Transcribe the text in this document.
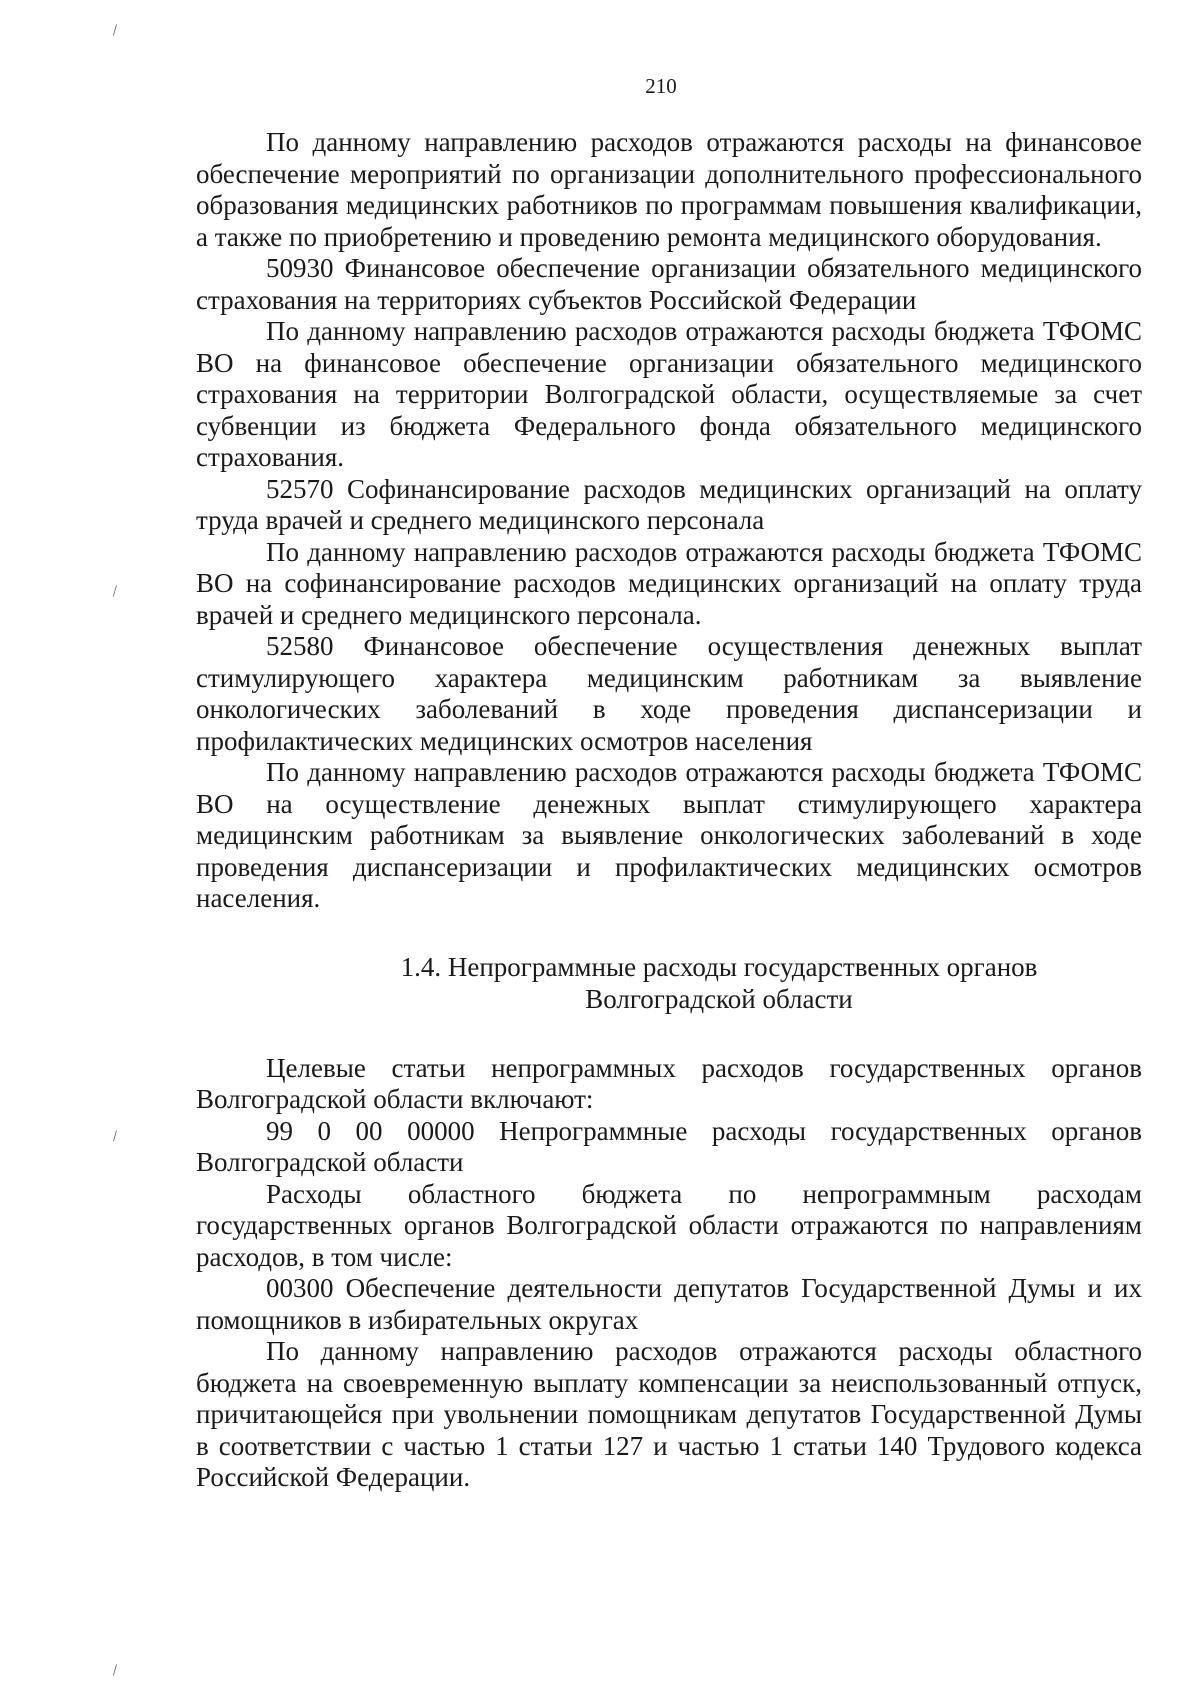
\
\
\
\
210

По данному направлению расходов отражаются расходы на финансовое обеспечение мероприятий по организации дополнительного профессионального образования медицинских работников по программам повышения квалификации, а также по приобретению и проведению ремонта медицинского оборудования.

50930 Финансовое обеспечение организации обязательного медицинского страхования на территориях субъектов Российской Федерации

По данному направлению расходов отражаются расходы бюджета ТФОМС ВО на финансовое обеспечение организации обязательного медицинского страхования на территории Волгоградской области, осуществляемые за счет субвенции из бюджета Федерального фонда обязательного медицинского страхования.

52570 Софинансирование расходов медицинских организаций на оплату труда врачей и среднего медицинского персонала

По данному направлению расходов отражаются расходы бюджета ТФОМС ВО на софинансирование расходов медицинских организаций на оплату труда врачей и среднего медицинского персонала.

52580 Финансовое обеспечение осуществления денежных выплат стимулирующего характера медицинским работникам за выявление онкологических заболеваний в ходе проведения диспансеризации и профилактических медицинских осмотров населения

По данному направлению расходов отражаются расходы бюджета ТФОМС ВО на осуществление денежных выплат стимулирующего характера медицинским работникам за выявление онкологических заболеваний в ходе проведения диспансеризации и профилактических медицинских осмотров населения.

1.4. Непрограммные расходы государственных органов
Волгоградской области

Целевые статьи непрограммных расходов государственных органов Волгоградской области включают:

99 0 00 00000 Непрограммные расходы государственных органов Волгоградской области

Расходы областного бюджета по непрограммным расходам государственных органов Волгоградской области отражаются по направлениям расходов, в том числе:

00300 Обеспечение деятельности депутатов Государственной Думы и их помощников в избирательных округах

По данному направлению расходов отражаются расходы областного бюджета на своевременную выплату компенсации за неиспользованный отпуск, причитающейся при увольнении помощникам депутатов Государственной Думы в соответствии с частью 1 статьи 127 и частью 1 статьи 140 Трудового кодекса Российской Федерации.
